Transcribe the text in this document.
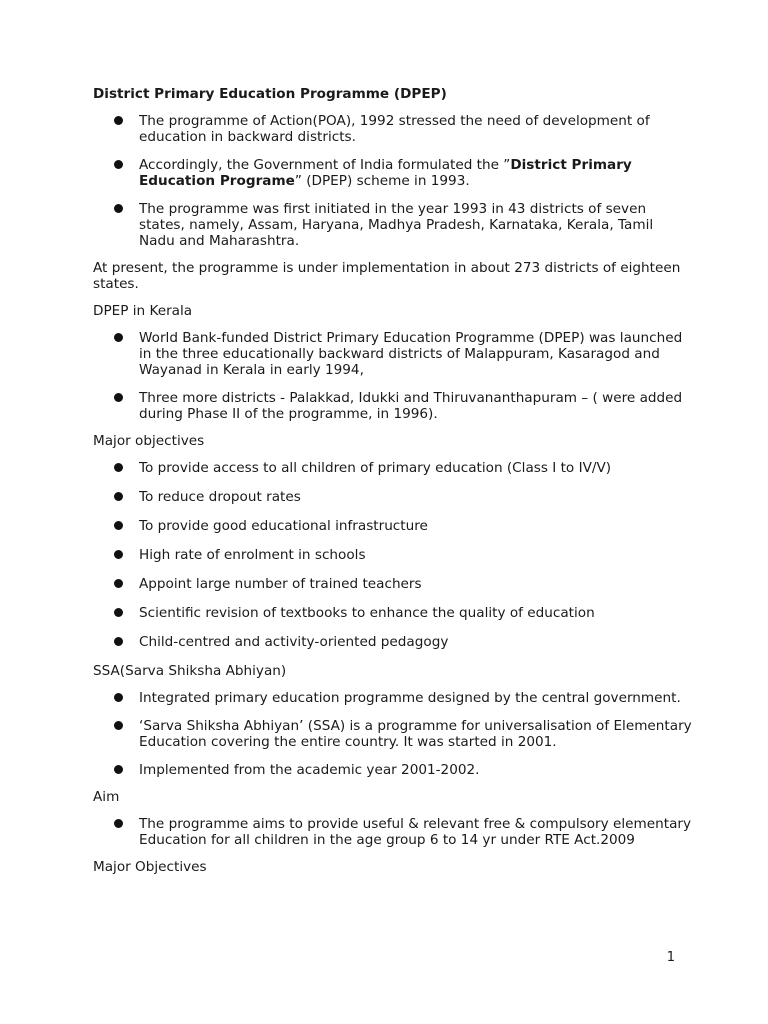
District Primary Education Programme (DPEP)
The programme of Action(POA), 1992 stressed the need of development of education in backward districts.
Accordingly, the Government of India formulated the ”District Primary Education Programe” (DPEP) scheme in 1993.
The programme was first initiated in the year 1993 in 43 districts of seven states, namely, Assam, Haryana, Madhya Pradesh, Karnataka, Kerala, Tamil Nadu and Maharashtra.
At present, the programme is under implementation in about 273 districts of eighteen states.
DPEP in Kerala
World Bank-funded District Primary Education Programme (DPEP) was launched in the three educationally backward districts of Malappuram, Kasaragod and Wayanad in Kerala in early 1994,
Three more districts - Palakkad, Idukki and Thiruvananthapuram – ( were added during Phase II of the programme, in 1996).
Major objectives
To provide access to all children of primary education (Class I to IV/V)
To reduce dropout rates
To provide good educational infrastructure
High rate of enrolment in schools
Appoint large number of trained teachers
Scientific revision of textbooks to enhance the quality of education
Child-centred and activity-oriented pedagogy
SSA(Sarva Shiksha Abhiyan)
Integrated primary education programme designed by the central government.
‘Sarva Shiksha Abhiyan’ (SSA) is a programme for universalisation of Elementary Education covering the entire country. It was started in 2001.
Implemented from the academic year 2001-2002.
Aim
The programme aims to provide useful & relevant free & compulsory elementary Education for all children in the age group 6 to 14 yr under RTE Act.2009
Major Objectives
1
